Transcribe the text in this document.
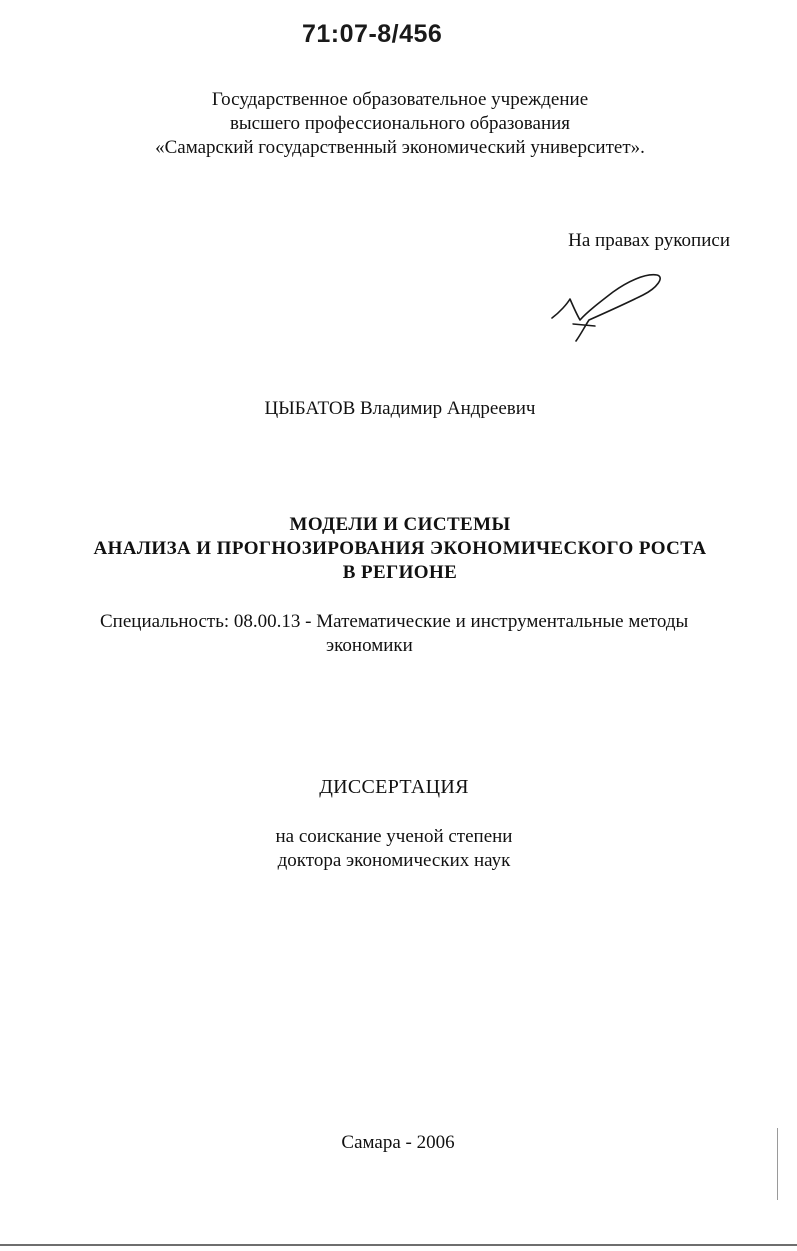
71:07-8/456
Государственное образовательное учреждение
высшего профессионального образования
«Самарский государственный экономический университет».
На правах рукописи
ЦЫБАТОВ Владимир Андреевич
МОДЕЛИ И СИСТЕМЫ
АНАЛИЗА И ПРОГНОЗИРОВАНИЯ ЭКОНОМИЧЕСКОГО РОСТА
В РЕГИОНЕ
Специальность: 08.00.13 - Математические и инструментальные методы
экономики
ДИССЕРТАЦИЯ
на соискание ученой степени
доктора экономических наук
Самара - 2006
